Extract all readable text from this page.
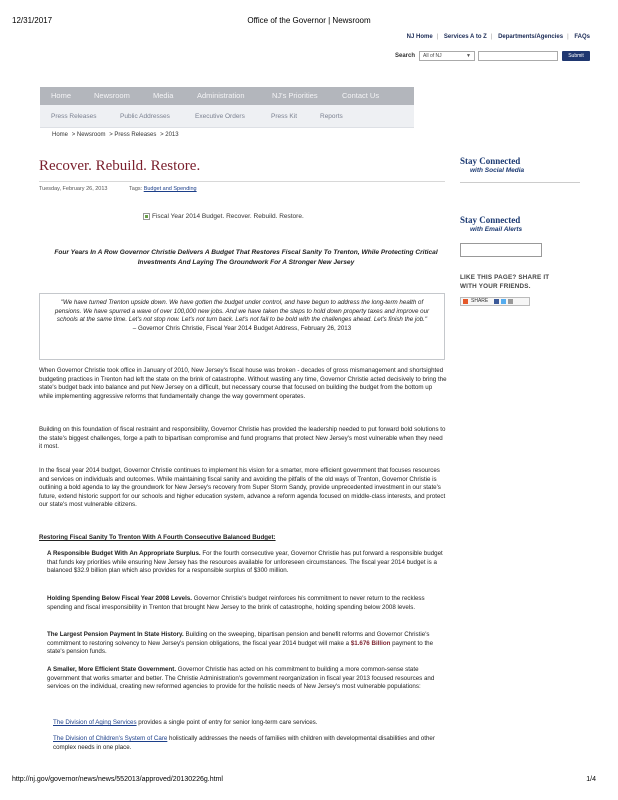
12/31/2017	Office of the Governor | Newsroom
NJ Home | Services A to Z | Departments/Agencies | FAQs
Search	All of NJ	▼	Submit
Home	Newsroom	Media	Administration	NJ's Priorities	Contact Us
Press Releases	Public Addresses	Executive Orders	Press Kit	Reports
Home > Newsroom > Press Releases > 2013
Recover. Rebuild. Restore.
Tuesday, February 26, 2013	Tags: Budget and Spending
Fiscal Year 2014 Budget. Recover. Rebuild. Restore.
Four Years In A Row Governor Christie Delivers A Budget That Restores Fiscal Sanity To Trenton, While Protecting Critical Investments And Laying The Groundwork For A Stronger New Jersey
"We have turned Trenton upside down. We have gotten the budget under control, and have begun to address the long-term health of pensions. We have spurred a wave of over 100,000 new jobs. And we have taken the steps to hold down property taxes and improve our schools at the same time. Let's not stop now. Let's not turn back. Let's not fail to be bold with the challenges ahead. Let's finish the job."
– Governor Chris Christie, Fiscal Year 2014 Budget Address, February 26, 2013
When Governor Christie took office in January of 2010, New Jersey's fiscal house was broken - decades of gross mismanagement and shortsighted budgeting practices in Trenton had left the state on the brink of catastrophe. Without wasting any time, Governor Christie acted decisively to bring the state's budget back into balance and put New Jersey on a difficult, but necessary course that focused on building the budget from the bottom up while implementing aggressive reforms that fundamentally change the way government operates.
Building on this foundation of fiscal restraint and responsibility, Governor Christie has provided the leadership needed to put forward bold solutions to the state's biggest challenges, forge a path to bipartisan compromise and fund programs that protect New Jersey's most vulnerable when they need it most.
In the fiscal year 2014 budget, Governor Christie continues to implement his vision for a smarter, more efficient government that focuses resources and services on individuals and outcomes. While maintaining fiscal sanity and avoiding the pitfalls of the old ways of Trenton, Governor Christie is outlining a bold agenda to lay the groundwork for New Jersey's recovery from Super Storm Sandy, provide unprecedented investment in our state's future, extend historic support for our schools and higher education system, advance a reform agenda focused on middle-class interests, and protect our state's most vulnerable citizens.
Restoring Fiscal Sanity To Trenton With A Fourth Consecutive Balanced Budget:
A Responsible Budget With An Appropriate Surplus. For the fourth consecutive year, Governor Christie has put forward a responsible budget that funds key priorities while ensuring New Jersey has the resources available for unforeseen circumstances. The fiscal year 2014 budget is a balanced $32.9 billion plan which also provides for a responsible surplus of $300 million.
Holding Spending Below Fiscal Year 2008 Levels. Governor Christie's budget reinforces his commitment to never return to the reckless spending and fiscal irresponsibility in Trenton that brought New Jersey to the brink of catastrophe, holding spending below 2008 levels.
The Largest Pension Payment In State History. Building on the sweeping, bipartisan pension and benefit reforms and Governor Christie's commitment to restoring solvency to New Jersey's pension obligations, the fiscal year 2014 budget will make a $1.676 Billion payment to the state's pension funds.
A Smaller, More Efficient State Government. Governor Christie has acted on his commitment to building a more common-sense state government that works smarter and better. The Christie Administration's government reorganization in fiscal year 2013 focused resources and services on the individual, creating new reformed agencies to provide for the holistic needs of New Jersey's most vulnerable populations:
The Division of Aging Services provides a single point of entry for senior long-term care services.
The Division of Children's System of Care holistically addresses the needs of families with children with developmental disabilities and other complex needs in one place.
Stay Connected
with Social Media
Stay Connected
with Email Alerts
LIKE THIS PAGE? SHARE IT
WITH YOUR FRIENDS.
SHARE
http://nj.gov/governor/news/news/552013/approved/20130226g.html	1/4
